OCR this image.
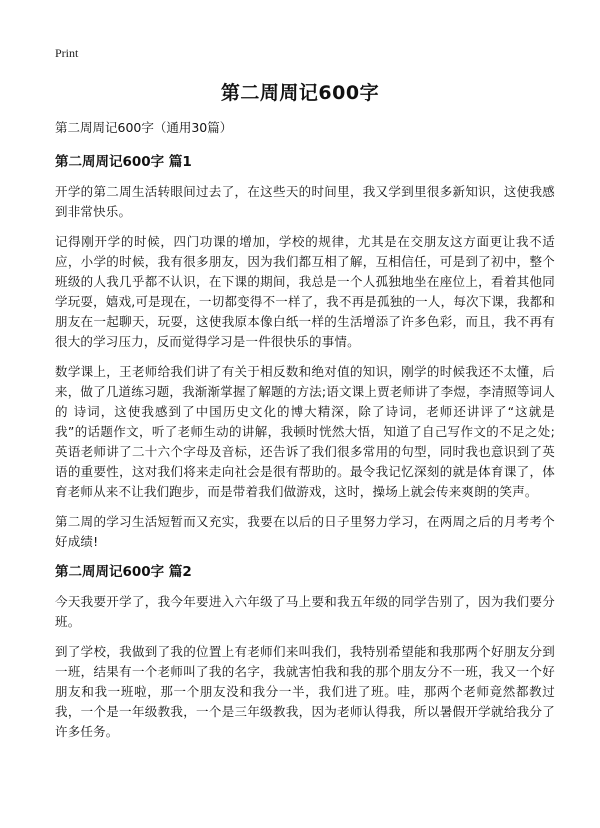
Print
第二周周记600字

第二周周记600字（通用30篇）

第二周周记600字 篇1

开学的第二周生活转眼间过去了，在这些天的时间里，我又学到里很多新知识，这使我感到非常快乐。

记得刚开学的时候，四门功课的增加，学校的规律，尤其是在交朋友这方面更让我不适应，小学的时候，我有很多朋友，因为我们都互相了解，互相信任，可是到了初中，整个班级的人我几乎都不认识，在下课的期间，我总是一个人孤独地坐在座位上，看着其他同学玩耍，嬉戏,可是现在，一切都变得不一样了，我不再是孤独的一人，每次下课，我都和朋友在一起聊天，玩耍，这使我原本像白纸一样的生活增添了许多色彩，而且，我不再有很大的学习压力，反而觉得学习是一件很快乐的事情。

数学课上，王老师给我们讲了有关于相反数和绝对值的知识，刚学的时候我还不太懂，后来，做了几道练习题，我渐渐掌握了解题的方法;语文课上贾老师讲了李煜，李清照等词人的 诗词，这使我感到了中国历史文化的博大精深，除了诗词，老师还讲评了“这就是我”的话题作文，听了老师生动的讲解，我顿时恍然大悟，知道了自己写作文的不足之处;英语老师讲了二十六个字母及音标，还告诉了我们很多常用的句型，同时我也意识到了英语的重要性，这对我们将来走向社会是很有帮助的。最令我记忆深刻的就是体育课了，体育老师从来不让我们跑步，而是带着我们做游戏，这时，操场上就会传来爽朗的笑声。

第二周的学习生活短暂而又充实，我要在以后的日子里努力学习，在两周之后的月考考个好成绩!

第二周周记600字 篇2

今天我要开学了，我今年要进入六年级了马上要和我五年级的同学告别了，因为我们要分班。

到了学校，我做到了我的位置上有老师们来叫我们，我特别希望能和我那两个好朋友分到一班，结果有一个老师叫了我的名字，我就害怕我和我的那个朋友分不一班，我又一个好朋友和我一班啦，那一个朋友没和我分一半，我们进了班。哇，那两个老师竟然都教过我，一个是一年级教我，一个是三年级教我，因为老师认得我，所以暑假开学就给我分了许多任务。
